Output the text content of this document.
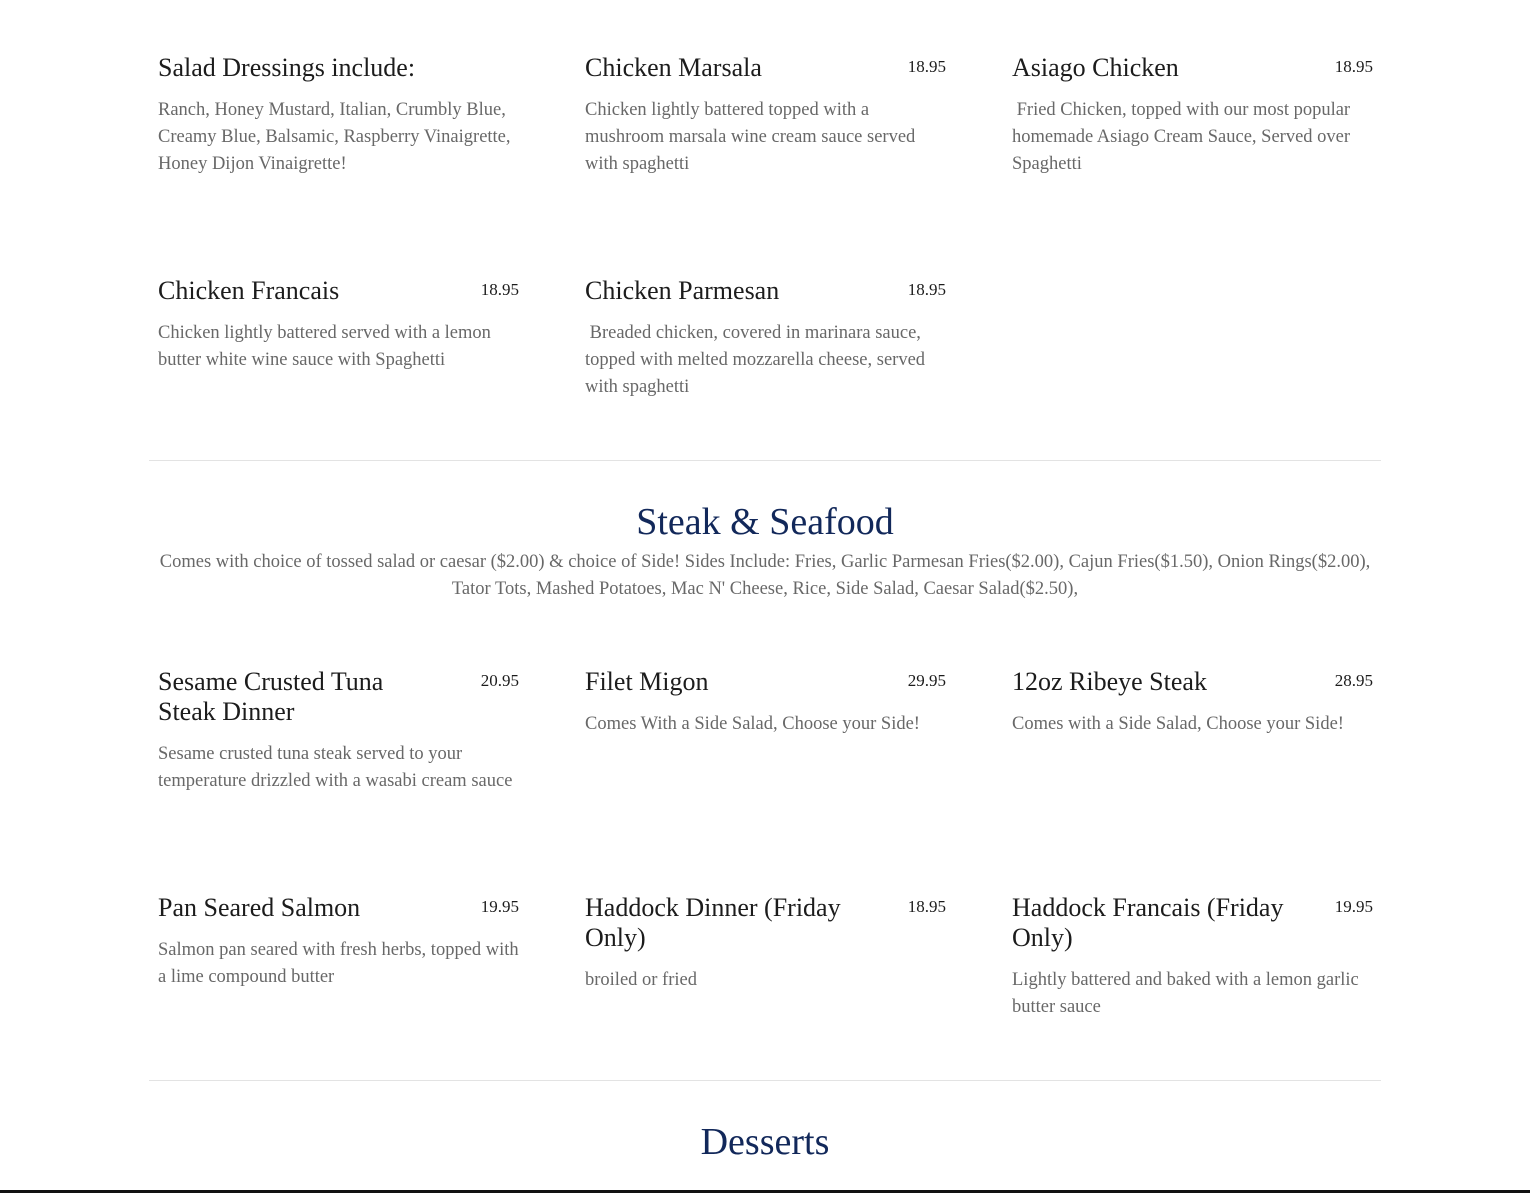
Salad Dressings include:
Ranch, Honey Mustard, Italian, Crumbly Blue, Creamy Blue, Balsamic, Raspberry Vinaigrette, Honey Dijon Vinaigrette!
Chicken Marsala	18.95
Chicken lightly battered topped with a mushroom marsala wine cream sauce served with spaghetti
Asiago Chicken	18.95
Fried Chicken, topped with our most popular homemade Asiago Cream Sauce, Served over Spaghetti
Chicken Francais	18.95
Chicken lightly battered served with a lemon butter white wine sauce with Spaghetti
Chicken Parmesan	18.95
Breaded chicken, covered in marinara sauce, topped with melted mozzarella cheese, served with spaghetti
Steak & Seafood
Comes with choice of tossed salad or caesar ($2.00) & choice of Side! Sides Include: Fries, Garlic Parmesan Fries($2.00), Cajun Fries($1.50), Onion Rings($2.00), Tator Tots, Mashed Potatoes, Mac N' Cheese, Rice, Side Salad, Caesar Salad($2.50),
Sesame Crusted Tuna Steak Dinner
20.95
Sesame crusted tuna steak served to your temperature drizzled with a wasabi cream sauce
Filet Migon	29.95
Comes With a Side Salad, Choose your Side!
12oz Ribeye Steak	28.95
Comes with a Side Salad, Choose your Side!
Pan Seared Salmon	19.95
Salmon pan seared with fresh herbs, topped with a lime compound butter
Haddock Dinner (Friday Only)
18.95
broiled or fried
Haddock Francais (Friday Only)
19.95
Lightly battered and baked with a lemon garlic butter sauce
Desserts
